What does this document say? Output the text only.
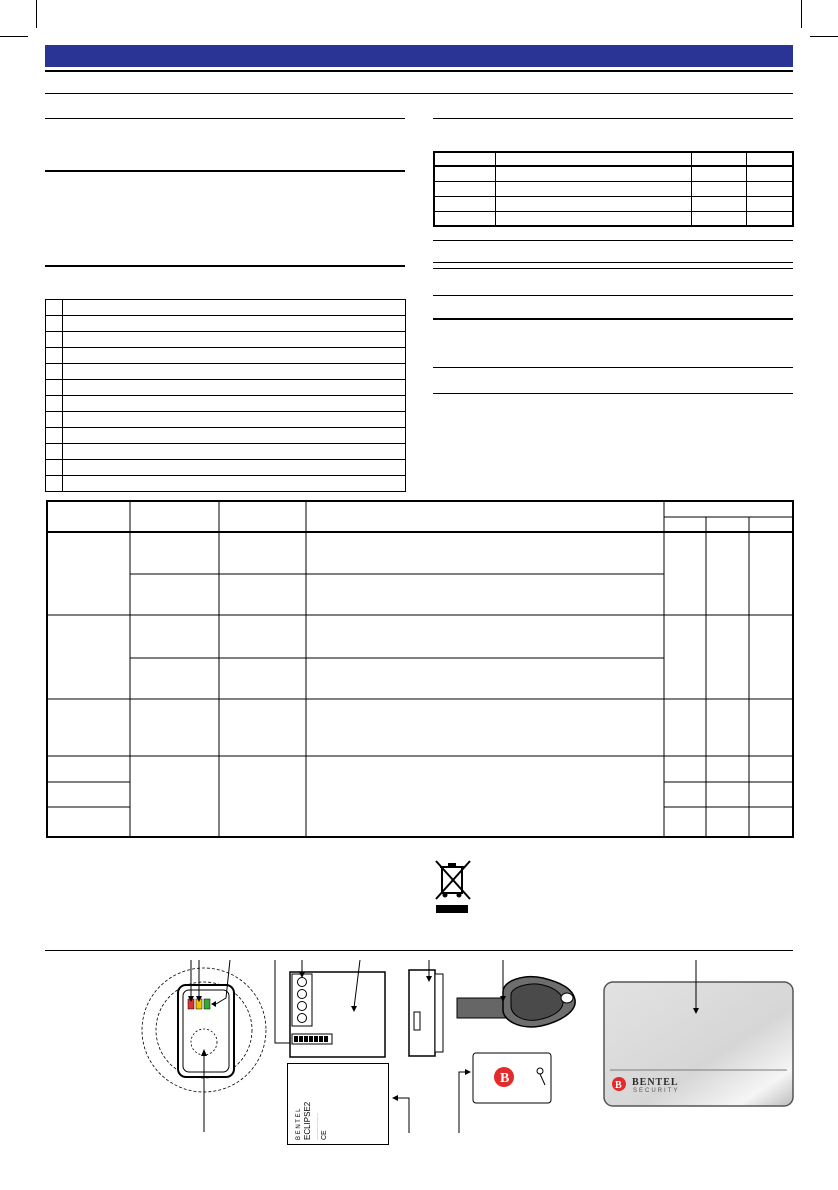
B E N T E L ECLIPSE2 ........................ CE
B	B BENTEL
SECURITY
